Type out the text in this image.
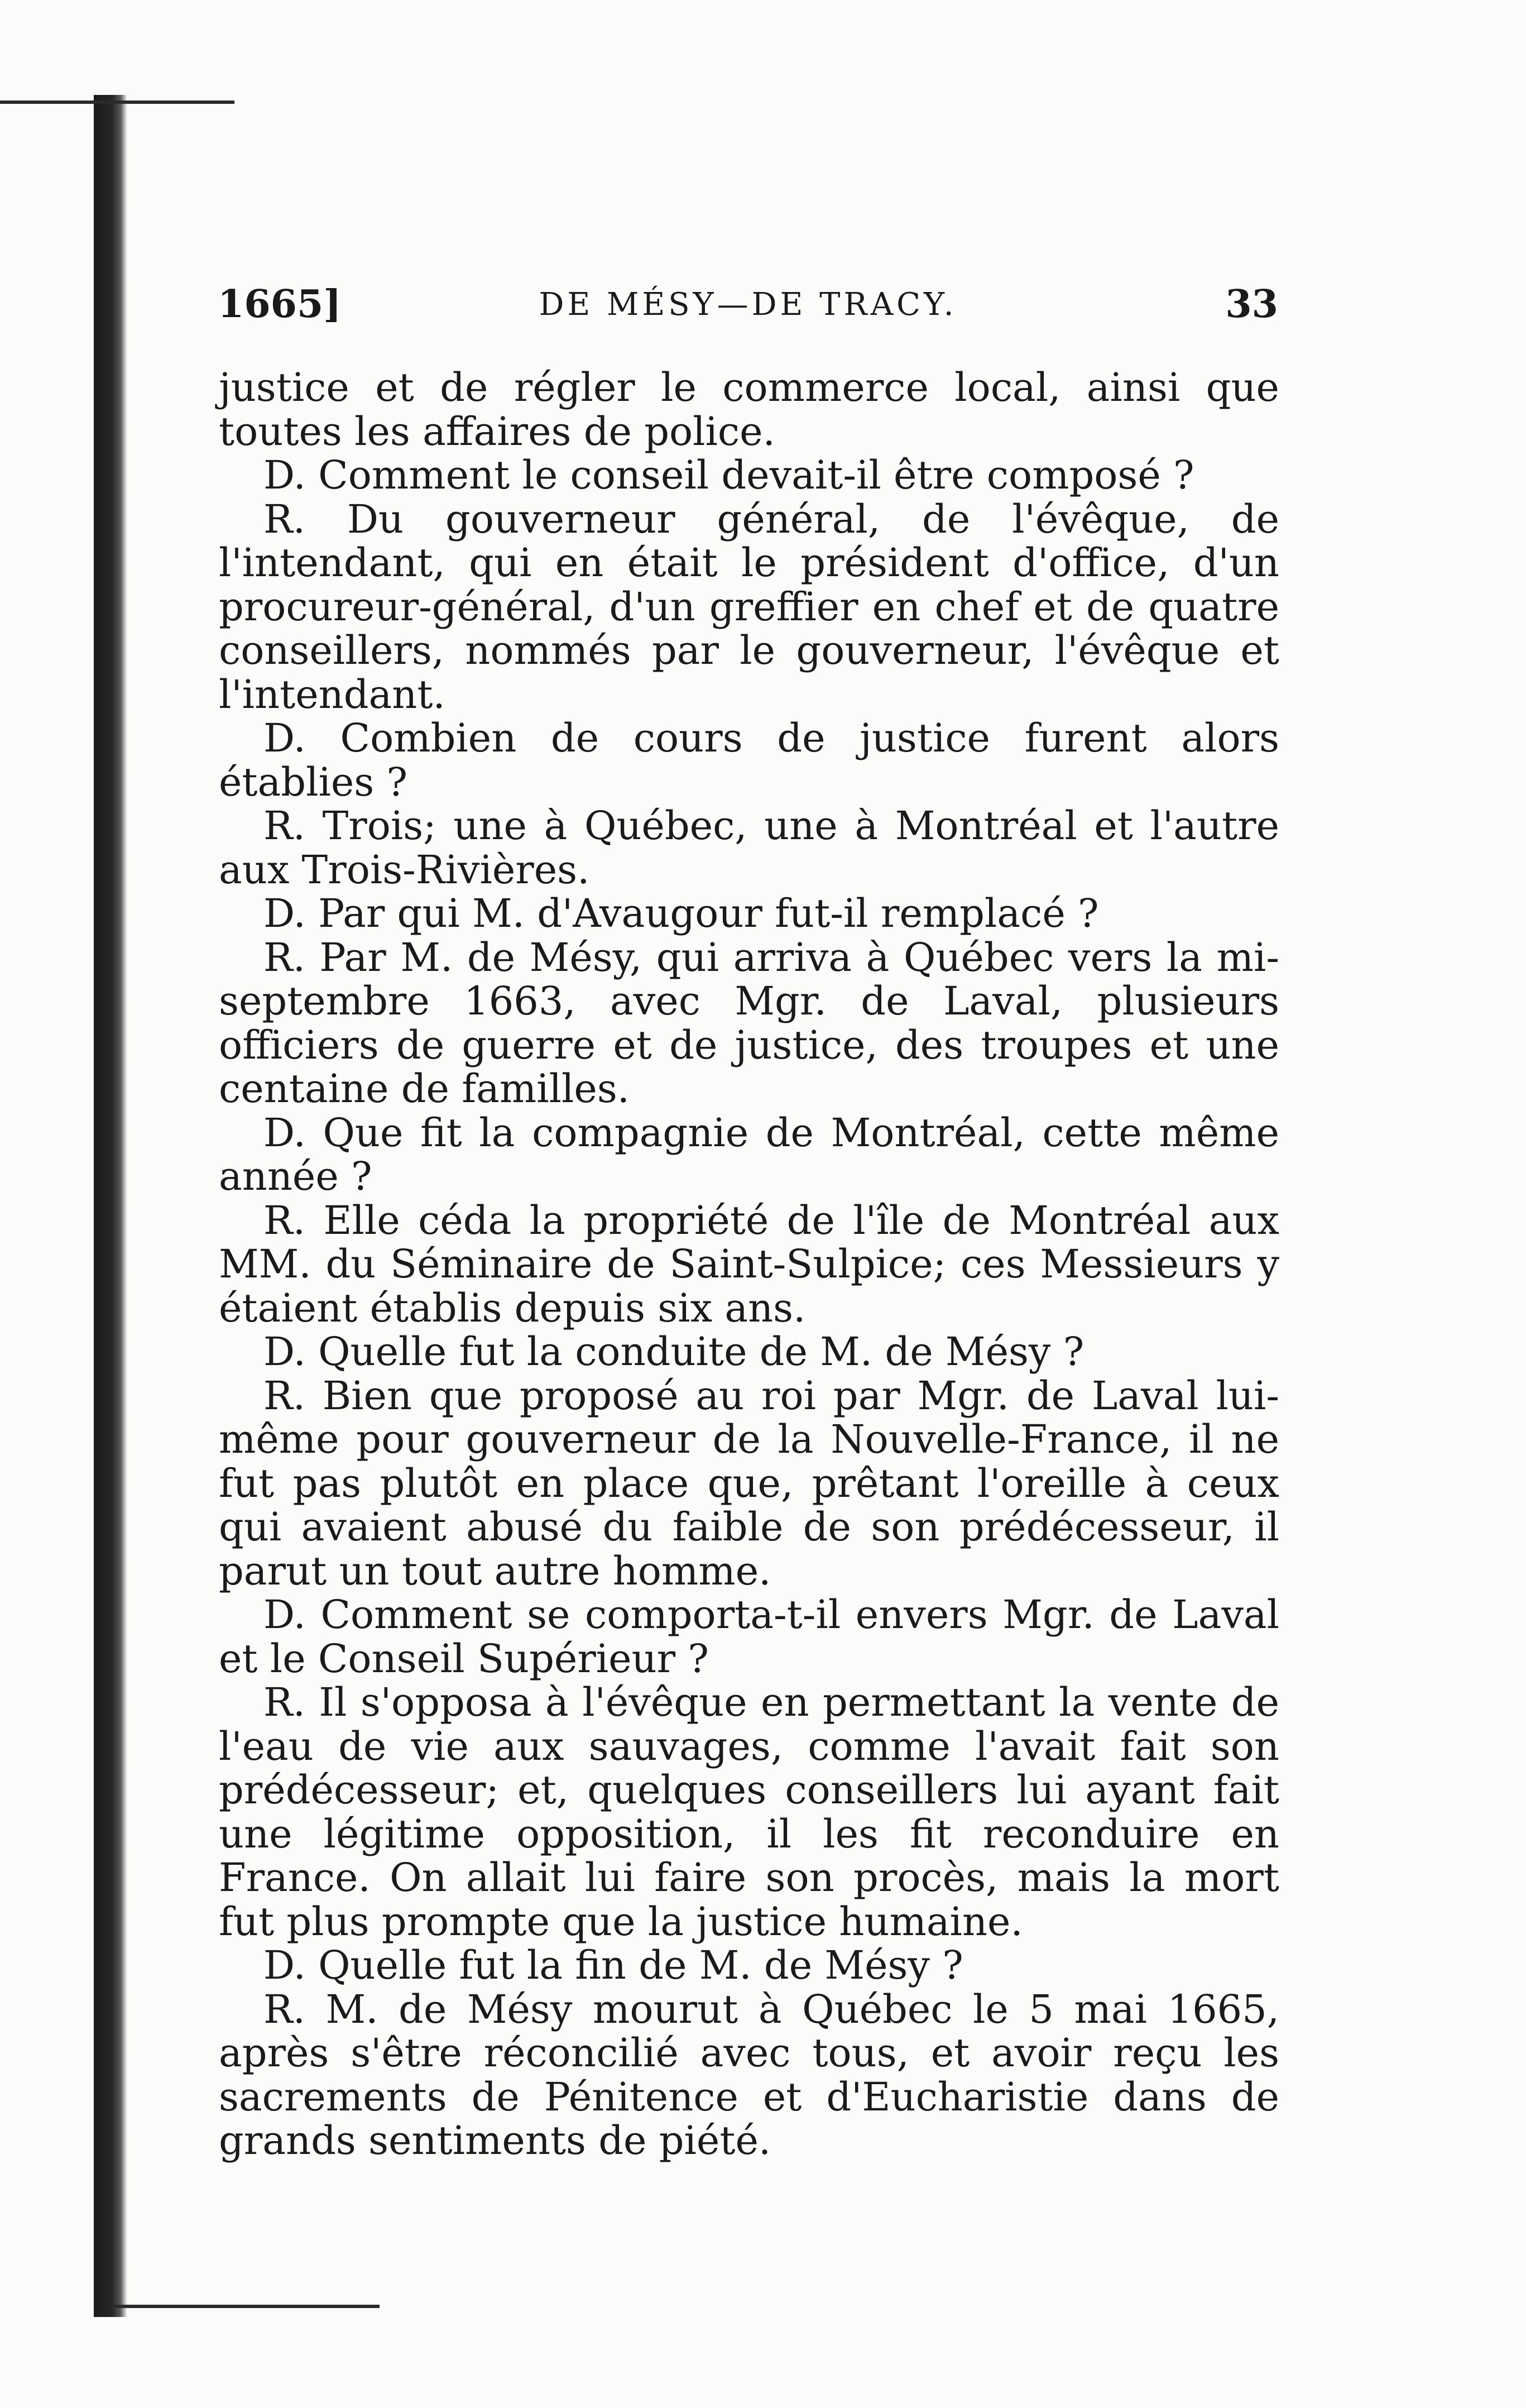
1665]	DE MÉSY—DE TRACY.	33

justice et de régler le commerce local, ainsi que toutes les affaires de police.

D. Comment le conseil devait-il être composé ?

R. Du gouverneur général, de l'évêque, de l'intendant, qui en était le président d'office, d'un procureur-général, d'un greffier en chef et de quatre conseillers, nommés par le gouverneur, l'évêque et l'intendant.

D. Combien de cours de justice furent alors établies ?

R. Trois; une à Québec, une à Montréal et l'autre aux Trois-Rivières.

D. Par qui M. d'Avaugour fut-il remplacé ?

R. Par M. de Mésy, qui arriva à Québec vers la mi-septembre 1663, avec Mgr. de Laval, plusieurs officiers de guerre et de justice, des troupes et une centaine de familles.

D. Que fit la compagnie de Montréal, cette même année ?

R. Elle céda la propriété de l'île de Montréal aux MM. du Séminaire de Saint-Sulpice; ces Messieurs y étaient établis depuis six ans.

D. Quelle fut la conduite de M. de Mésy ?

R. Bien que proposé au roi par Mgr. de Laval lui-même pour gouverneur de la Nouvelle-France, il ne fut pas plutôt en place que, prêtant l'oreille à ceux qui avaient abusé du faible de son prédécesseur, il parut un tout autre homme.

D. Comment se comporta-t-il envers Mgr. de Laval et le Conseil Supérieur ?

R. Il s'opposa à l'évêque en permettant la vente de l'eau de vie aux sauvages, comme l'avait fait son prédécesseur; et, quelques conseillers lui ayant fait une légitime opposition, il les fit reconduire en France. On allait lui faire son procès, mais la mort fut plus prompte que la justice humaine.

D. Quelle fut la fin de M. de Mésy ?

R. M. de Mésy mourut à Québec le 5 mai 1665, après s'être réconcilié avec tous, et avoir reçu les sacrements de Pénitence et d'Eucharistie dans de grands sentiments de piété.
